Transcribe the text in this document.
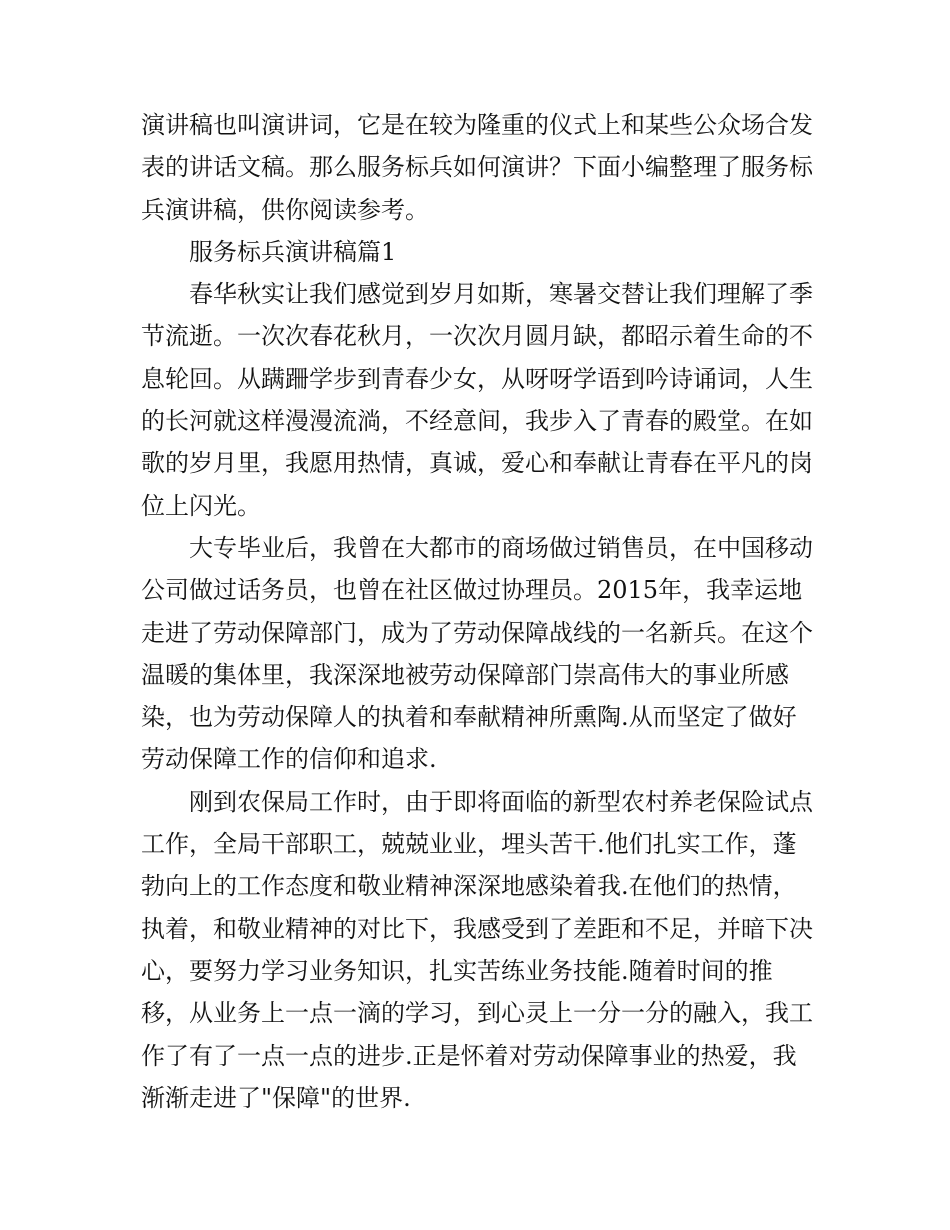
演讲稿也叫演讲词，它是在较为隆重的仪式上和某些公众场合发表的讲话文稿。那么服务标兵如何演讲？下面小编整理了服务标兵演讲稿，供你阅读参考。

服务标兵演讲稿篇1

春华秋实让我们感觉到岁月如斯，寒暑交替让我们理解了季节流逝。一次次春花秋月，一次次月圆月缺，都昭示着生命的不息轮回。从蹒跚学步到青春少女，从呀呀学语到吟诗诵词，人生的长河就这样漫漫流淌，不经意间，我步入了青春的殿堂。在如歌的岁月里，我愿用热情，真诚，爱心和奉献让青春在平凡的岗位上闪光。

大专毕业后，我曾在大都市的商场做过销售员，在中国移动公司做过话务员，也曾在社区做过协理员。2015年，我幸运地走进了劳动保障部门，成为了劳动保障战线的一名新兵。在这个温暖的集体里，我深深地被劳动保障部门崇高伟大的事业所感染，也为劳动保障人的执着和奉献精神所熏陶.从而坚定了做好劳动保障工作的信仰和追求.

刚到农保局工作时，由于即将面临的新型农村养老保险试点工作，全局干部职工，兢兢业业，埋头苦干.他们扎实工作，蓬勃向上的工作态度和敬业精神深深地感染着我.在他们的热情，执着，和敬业精神的对比下，我感受到了差距和不足，并暗下决心，要努力学习业务知识，扎实苦练业务技能.随着时间的推移，从业务上一点一滴的学习，到心灵上一分一分的融入，我工作了有了一点一点的进步.正是怀着对劳动保障事业的热爱，我渐渐走进了"保障"的世界.
